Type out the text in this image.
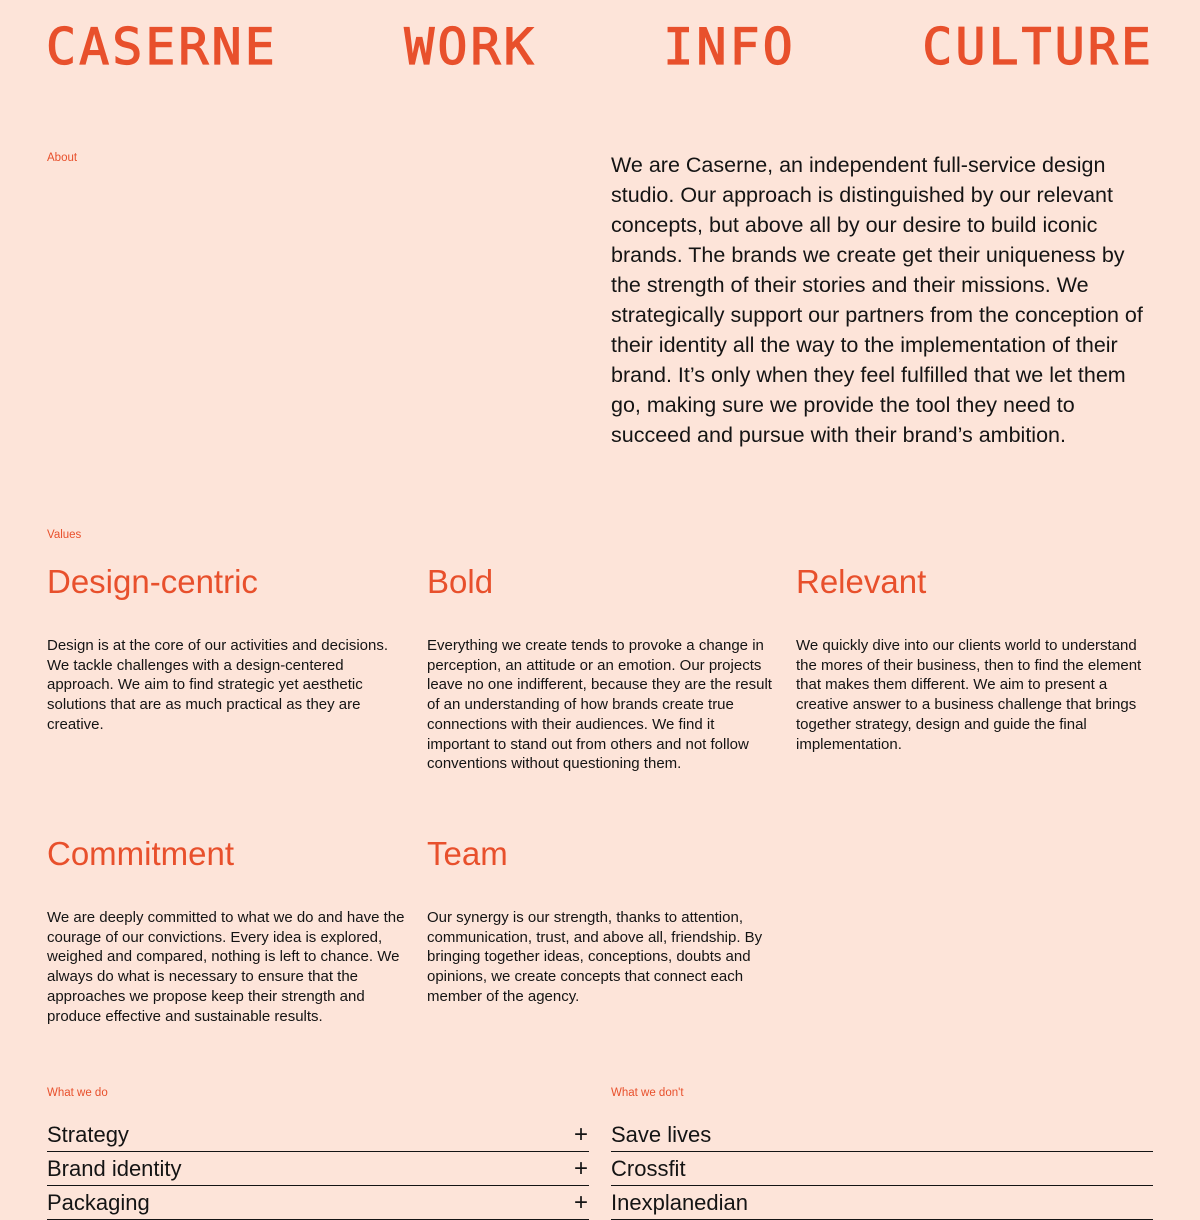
CASERNE	WORK	INFO	CULTURE
About	We are Caserne, an independent full-service design studio. Our approach is distinguished by our relevant concepts, but above all by our desire to build iconic brands. The brands we create get their uniqueness by the strength of their stories and their missions. We strategically support our partners from the conception of their identity all the way to the implementation of their brand. It’s only when they feel fulfilled that we let them go, making sure we provide the tool they need to succeed and pursue with their brand’s ambition.

Values
Design-centric

Design is at the core of our activities and decisions. We tackle challenges with a design-centered approach. We aim to find strategic yet aesthetic solutions that are as much practical as they are creative.

Bold

Everything we create tends to provoke a change in perception, an attitude or an emotion. Our projects leave no one indifferent, because they are the result of an understanding of how brands create true connections with their audiences. We find it important to stand out from others and not follow conventions without questioning them.

Relevant

We quickly dive into our clients world to understand the mores of their business, then to find the element that makes them different. We aim to present a creative answer to a business challenge that brings together strategy, design and guide the final implementation.

Commitment

We are deeply committed to what we do and have the courage of our convictions. Every idea is explored, weighed and compared, nothing is left to chance. We always do what is necessary to ensure that the approaches we propose keep their strength and produce effective and sustainable results.

Team

Our synergy is our strength, thanks to attention, communication, trust, and above all, friendship. By bringing together ideas, conceptions, doubts and opinions, we create concepts that connect each member of the agency.

What we do	What we don't
Strategy	+
Brand identity	+
Packaging	+
Save lives
Crossfit
Inexplanedian
